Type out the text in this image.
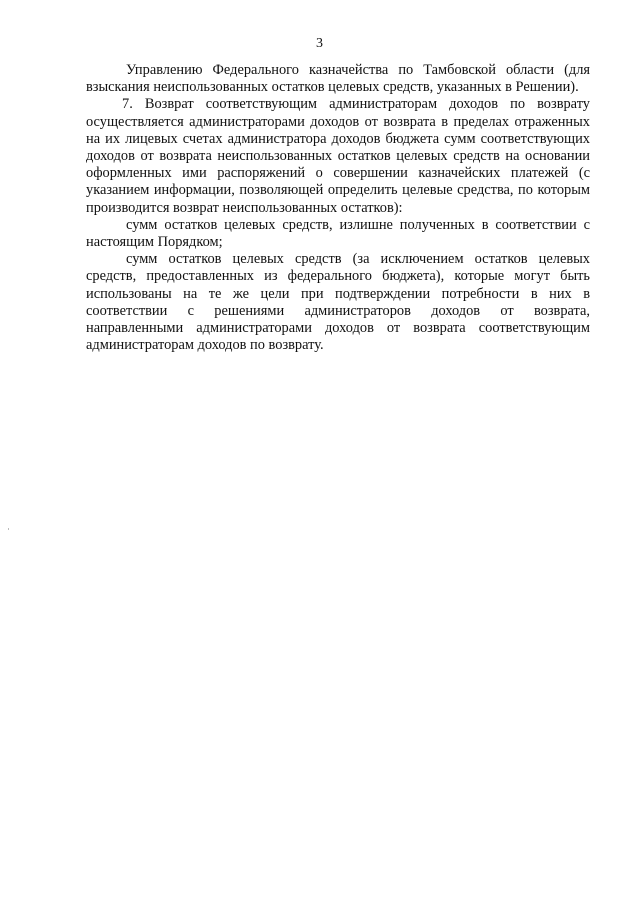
3

Управлению Федерального казначейства по Тамбовской области (для взыскания неиспользованных остатков целевых средств, указанных в Решении).

7. Возврат соответствующим администраторам доходов по возврату осуществляется администраторами доходов от возврата в пределах отраженных на их лицевых счетах администратора доходов бюджета сумм соответствующих доходов от возврата неиспользованных остатков целевых средств на основании оформленных ими распоряжений о совершении казначейских платежей (с указанием информации, позволяющей определить целевые средства, по которым производится возврат неиспользованных остатков):

сумм остатков целевых средств, излишне полученных в соответствии с настоящим Порядком;

сумм остатков целевых средств (за исключением остатков целевых средств, предоставленных из федерального бюджета), которые могут быть использованы на те же цели при подтверждении потребности в них в соответствии с решениями администраторов доходов от возврата, направленными администраторами доходов от возврата соответствующим администраторам доходов по возврату.
